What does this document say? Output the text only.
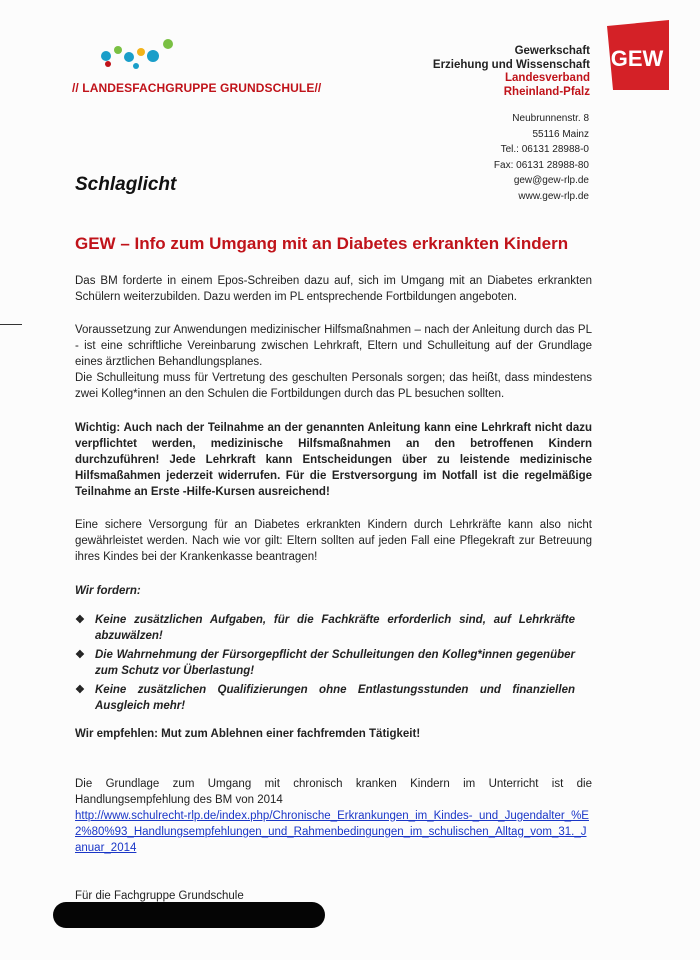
// LANDESFACHGRUPPE GRUNDSCHULE//
Gewerkschaft
Erziehung und Wissenschaft
Landesverband
Rheinland-Pfalz
GEW
Neubrunnenstr. 8
55116 Mainz
Tel.: 06131 28988-0
Fax: 06131 28988-80
gew@gew-rlp.de
www.gew-rlp.de
Schlaglicht
GEW – Info zum Umgang mit an Diabetes erkrankten Kindern

Das BM forderte in einem Epos-Schreiben dazu auf, sich im Umgang mit an Diabetes erkrankten Schülern weiterzubilden. Dazu werden im PL entsprechende Fortbildungen angeboten.

Voraussetzung zur Anwendungen medizinischer Hilfsmaßnahmen – nach der Anleitung durch das PL - ist eine schriftliche Vereinbarung zwischen Lehrkraft, Eltern und Schulleitung auf der Grundlage eines ärztlichen Behandlungsplanes.

Die Schulleitung muss für Vertretung des geschulten Personals sorgen; das heißt, dass mindestens zwei Kolleg*innen an den Schulen die Fortbildungen durch das PL besuchen sollten.

Wichtig: Auch nach der Teilnahme an der genannten Anleitung kann eine Lehrkraft nicht dazu verpflichtet werden, medizinische Hilfsmaßnahmen an den betroffenen Kindern durchzuführen! Jede Lehrkraft kann Entscheidungen über zu leistende medizinische Hilfsmaßahmen jederzeit widerrufen. Für die Erstversorgung im Notfall ist die regelmäßige Teilnahme an Erste -Hilfe-Kursen ausreichend!

Eine sichere Versorgung für an Diabetes erkrankten Kindern durch Lehrkräfte kann also nicht gewährleistet werden. Nach wie vor gilt: Eltern sollten auf jeden Fall eine Pflegekraft zur Betreuung ihres Kindes bei der Krankenkasse beantragen!

Wir fordern:
❖ Keine zusätzlichen Aufgaben, für die Fachkräfte erforderlich sind, auf Lehrkräfte abzuwälzen!
❖ Die Wahrnehmung der Fürsorgepflicht der Schulleitungen den Kolleg*innen gegenüber zum Schutz vor Überlastung!
❖ Keine zusätzlichen Qualifizierungen ohne Entlastungsstunden und finanziellen Ausgleich mehr!
Wir empfehlen: Mut zum Ablehnen einer fachfremden Tätigkeit!

Die Grundlage zum Umgang mit chronisch kranken Kindern im Unterricht ist die Handlungsempfehlung des BM von 2014

http://www.schulrecht-rlp.de/index.php/Chronische_Erkrankungen_im_Kindes-_und_Jugendalter_%E2%80%93_Handlungsempfehlungen_und_Rahmenbedingungen_im_schulischen_Alltag_vom_31._Januar_2014

Für die Fachgruppe Grundschule
